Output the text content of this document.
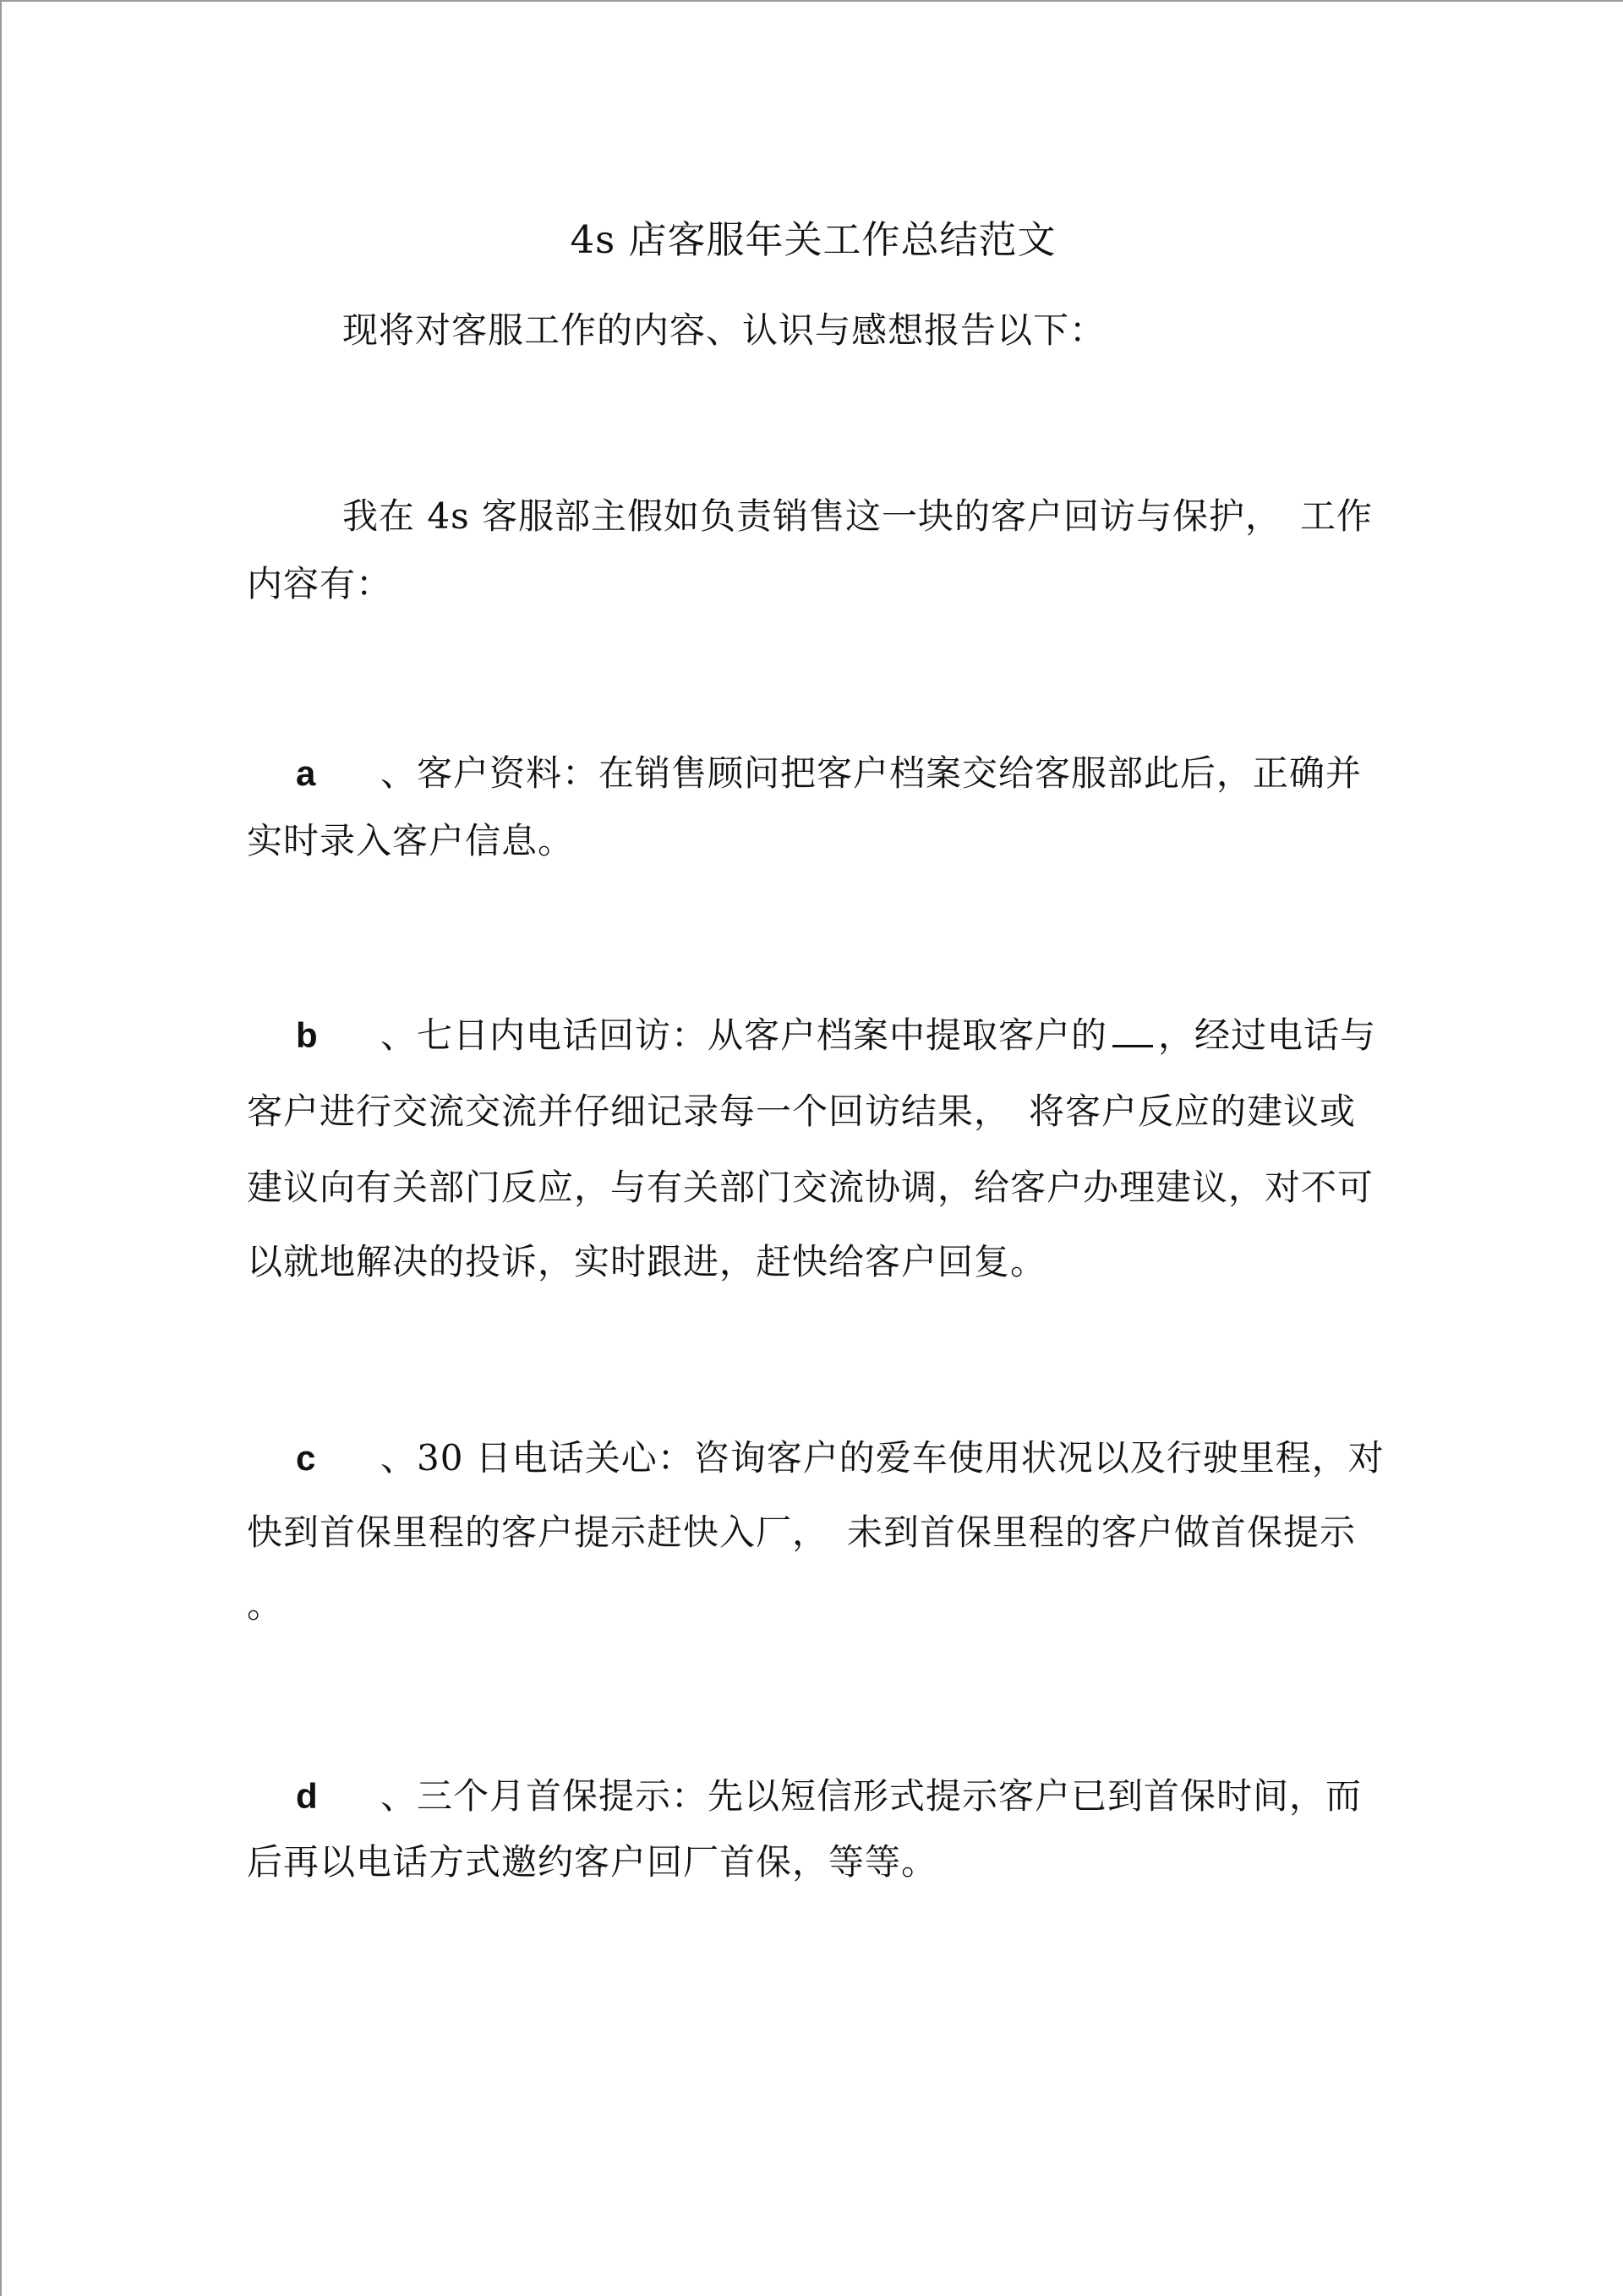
4s 店客服年关工作总结范文
现将对客服工作的内容、认识与感想报告以下：
我在 4s 客服部主假如负责销售这一块的客户回访与保护，　工作
内容有：
a 、客户资料：在销售顾问把客户档案交给客服部此后，正确并
实时录入客户信息。
b 、七日内电话回访：从客户档案中提取客户的 ，经过电话与
客户进行交流交流并仔细记录每一个回访结果，　将客户反应的建议或
建议向有关部门反应，与有关部门交流协调，给客户办理建议，对不可
以就地解决的投诉，实时跟进，赶快给客户回复。
c 、30 日电话关心：咨询客户的爱车使用状况以及行驶里程，对
快到首保里程的客户提示赶快入厂，　未到首保里程的客户做首保提示
。
d 、三个月首保提示：先以短信形式提示客户已到首保时间，而
后再以电话方式邀约客户回厂首保，等等。
